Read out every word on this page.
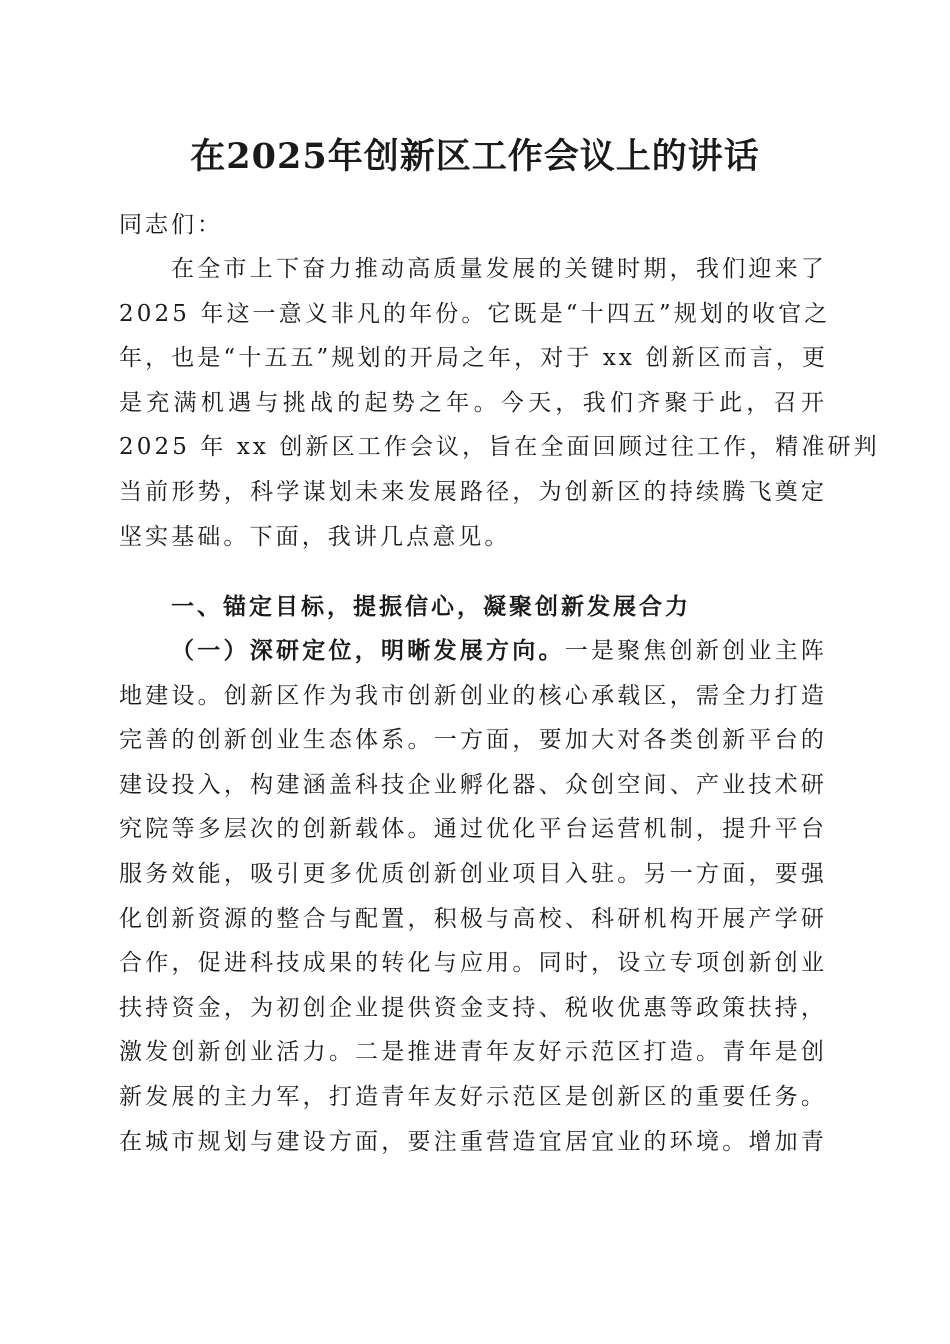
在2025年创新区工作会议上的讲话
同志们：
在全市上下奋力推动高质量发展的关键时期，我们迎来了
2025 年这一意义非凡的年份。它既是“十四五”规划的收官之
年，也是“十五五”规划的开局之年，对于 xx 创新区而言，更
是充满机遇与挑战的起势之年。今天，我们齐聚于此，召开
2025 年 xx 创新区工作会议，旨在全面回顾过往工作，精准研判
当前形势，科学谋划未来发展路径，为创新区的持续腾飞奠定
坚实基础。下面，我讲几点意见。
一、锚定目标，提振信心，凝聚创新发展合力
（一）深研定位，明晰发展方向。一是聚焦创新创业主阵
地建设。创新区作为我市创新创业的核心承载区，需全力打造
完善的创新创业生态体系。一方面，要加大对各类创新平台的
建设投入，构建涵盖科技企业孵化器、众创空间、产业技术研
究院等多层次的创新载体。通过优化平台运营机制，提升平台
服务效能，吸引更多优质创新创业项目入驻。另一方面，要强
化创新资源的整合与配置，积极与高校、科研机构开展产学研
合作，促进科技成果的转化与应用。同时，设立专项创新创业
扶持资金，为初创企业提供资金支持、税收优惠等政策扶持，
激发创新创业活力。二是推进青年友好示范区打造。青年是创
新发展的主力军，打造青年友好示范区是创新区的重要任务。
在城市规划与建设方面，要注重营造宜居宜业的环境。增加青
